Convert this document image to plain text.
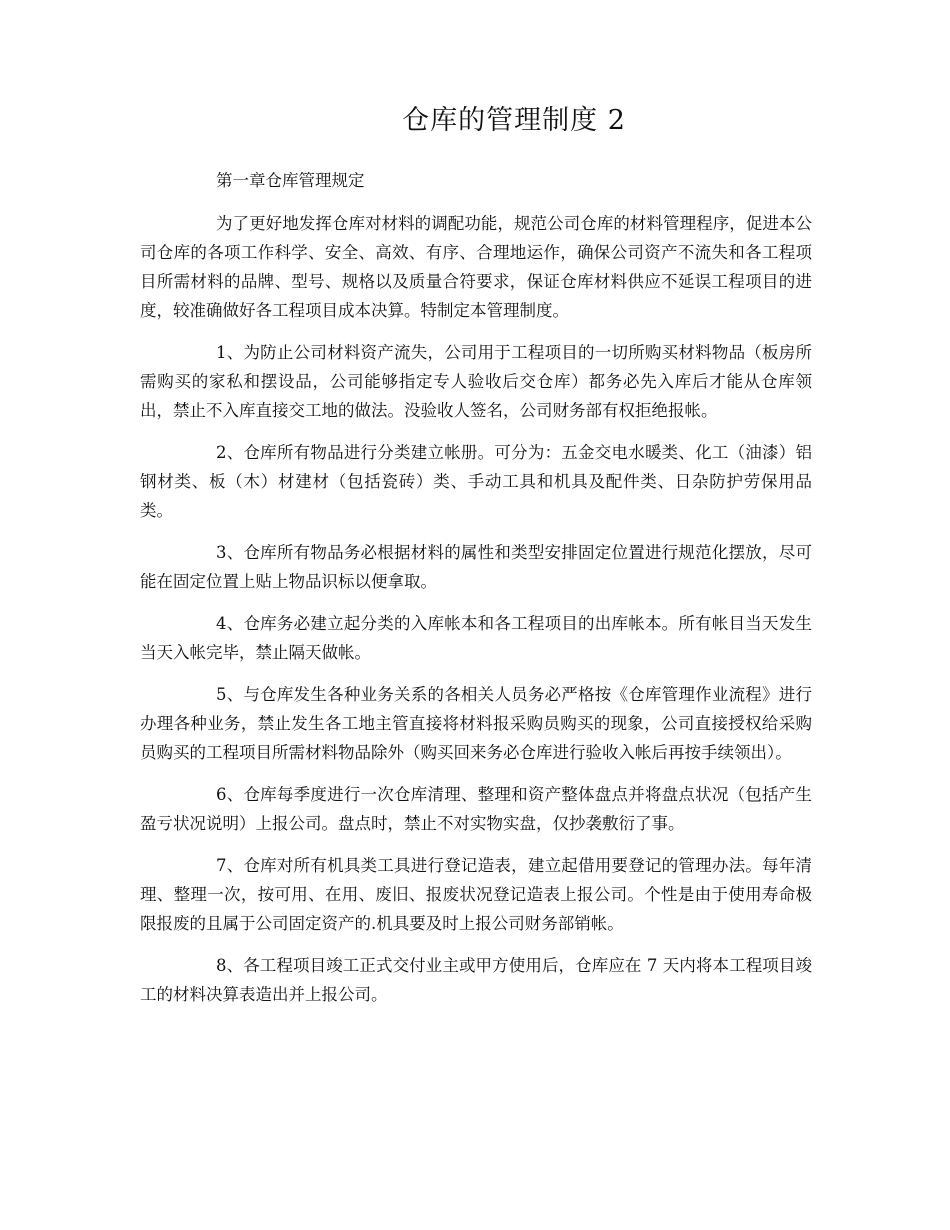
仓库的管理制度 2

第一章仓库管理规定

为了更好地发挥仓库对材料的调配功能，规范公司仓库的材料管理程序，促进本公司仓库的各项工作科学、安全、高效、有序、合理地运作，确保公司资产不流失和各工程项目所需材料的品牌、型号、规格以及质量合符要求，保证仓库材料供应不延误工程项目的进度，较准确做好各工程项目成本决算。特制定本管理制度。

1、为防止公司材料资产流失，公司用于工程项目的一切所购买材料物品（板房所需购买的家私和摆设品，公司能够指定专人验收后交仓库）都务必先入库后才能从仓库领出，禁止不入库直接交工地的做法。没验收人签名，公司财务部有权拒绝报帐。

2、仓库所有物品进行分类建立帐册。可分为：五金交电水暖类、化工（油漆）铝钢材类、板（木）材建材（包括瓷砖）类、手动工具和机具及配件类、日杂防护劳保用品类。

3、仓库所有物品务必根据材料的属性和类型安排固定位置进行规范化摆放，尽可能在固定位置上贴上物品识标以便拿取。

4、仓库务必建立起分类的入库帐本和各工程项目的出库帐本。所有帐目当天发生当天入帐完毕，禁止隔天做帐。

5、与仓库发生各种业务关系的各相关人员务必严格按《仓库管理作业流程》进行办理各种业务，禁止发生各工地主管直接将材料报采购员购买的现象，公司直接授权给采购员购买的工程项目所需材料物品除外（购买回来务必仓库进行验收入帐后再按手续领出）。

6、仓库每季度进行一次仓库清理、整理和资产整体盘点并将盘点状况（包括产生盈亏状况说明）上报公司。盘点时，禁止不对实物实盘，仅抄袭敷衍了事。

7、仓库对所有机具类工具进行登记造表，建立起借用要登记的管理办法。每年清理、整理一次，按可用、在用、废旧、报废状况登记造表上报公司。个性是由于使用寿命极限报废的且属于公司固定资产的.机具要及时上报公司财务部销帐。

8、各工程项目竣工正式交付业主或甲方使用后，仓库应在 7 天内将本工程项目竣工的材料决算表造出并上报公司。
